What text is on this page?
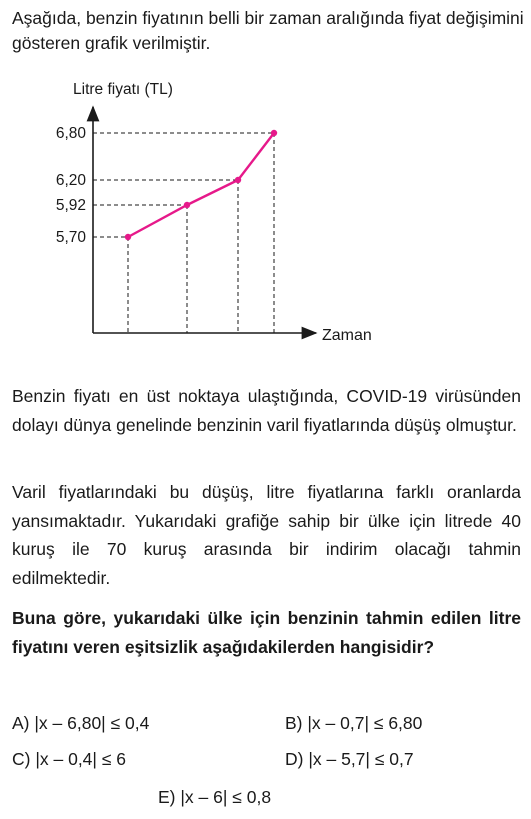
Aşağıda, benzin fiyatının belli bir zaman aralığında fiyat değişimini gösteren grafik verilmiştir.

Litre fiyatı (TL)
Zaman
6,80
6,20
5,92
5,70

Benzin fiyatı en üst noktaya ulaştığında, COVID-19 virüsünden dolayı dünya genelinde benzinin varil fiyatlarında düşüş olmuştur.

Varil fiyatlarındaki bu düşüş, litre fiyatlarına farklı oranlarda yansımaktadır. Yukarıdaki grafiğe sahip bir ülke için litrede 40 kuruş ile 70 kuruş arasında bir indirim olacağı tahmin edilmektedir.

Buna göre, yukarıdaki ülke için benzinin tahmin edilen litre fiyatını veren eşitsizlik aşağıdakilerden hangisidir?

A) |x – 6,80| ≤ 0,4	B) |x – 0,7| ≤ 6,80
C) |x – 0,4| ≤ 6	D) |x – 5,7| ≤ 0,7
E) |x – 6| ≤ 0,8
